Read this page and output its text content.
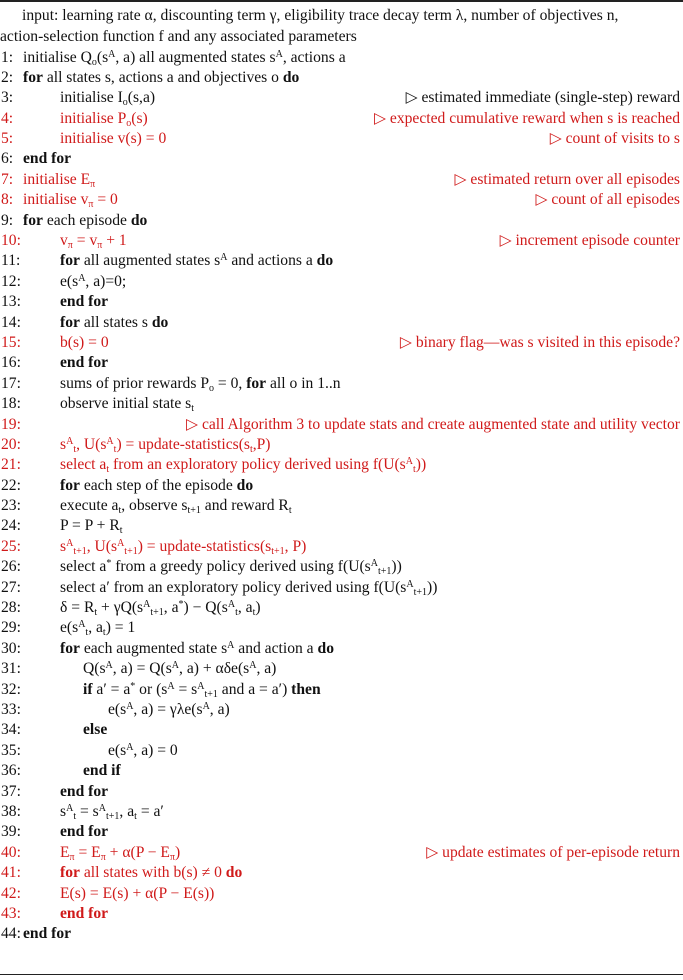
input: learning rate α, discounting term γ, eligibility trace decay term λ, number of objectives n,
action-selection function f and any associated parameters
1: initialise $Q_o(s^A$, a) all augmented states $s^A$, actions a
2: for all states s, actions a and objectives o do
3:	initialise $I_o(s,a)$	▷ estimated immediate (single-step) reward
4:	initialise $P_o(s)$	▷ expected cumulative reward when s is reached
5:	initialise v(s) = 0	▷ count of visits to s
6: end for
7: initialise $E_\pi$	▷ estimated return over all episodes
8: initialise $v_\pi = 0$	▷ count of all episodes
9: for each episode do
10:	$v_\pi = v_\pi + 1$	▷ increment episode counter
11:	for all augmented states $s^A$ and actions a do
12:	$e(s^A$, a)=0;
13:	end for
14:	for all states s do
15:	b(s) = 0	▷ binary flag—was s visited in this episode?
16:	end for
17:	sums of prior rewards $P_o = 0$, for all o in 1..n
18:	observe initial state $s_t$
19:	▷ call Algorithm 3 to update stats and create augmented state and utility vector
20:	$s^A_t$, $U(s^A_t)$ = update-$statistics(s_t,P)$
21:	select $a_t$ from an exploratory policy derived using $f(U(s^A_t))$
22:	for each step of the episode do
23:	execute $a_t$, observe $s_{t+1}$ and reward $R_t$
24:	$P = P + R_t$
25:	$s^A_{t+1}$, $U(s^A_{t+1})$ = update-$statistics(s_{t+1}$, P)
26:	select a* from a greedy policy derived using $f(U(s^A_{t+1}))$
27:	select a′ from an exploratory policy derived using $f(U(s^A_{t+1}))$
28:	$\delta = R_t + \gamma Q(s^A_{t+1}$, $a^*) - Q(s^A_t$, $a_t$)
29:	$e(s^A_t$, $a_t) = 1$
30:	for each augmented state $s^A$ and action a do
31:	$Q(s^A$, $a) = Q(s^A$, $a) + \alpha\delta e(s^A$, a)
32:	if a′ = a* or ($s^A = s^A_{t+1}$ and a = a′) then
33:	$e(s^A$, $a) = \gamma\lambda e(s^A$, a)
34:	else
35:	$e(s^A$, a) = 0
36:	end if
37:	end for
38:	$s^A_t = s^A_{t+1}$, $a_t = a'$
39:	end for
40:	$E_\pi = E_\pi + \alpha(P - E_\pi)$	▷ update estimates of per-episode return
41:	for all states with b(s) ≠ 0 do
42:	E(s) = E(s) + α(P − E(s))
43:	end for
44: end for
